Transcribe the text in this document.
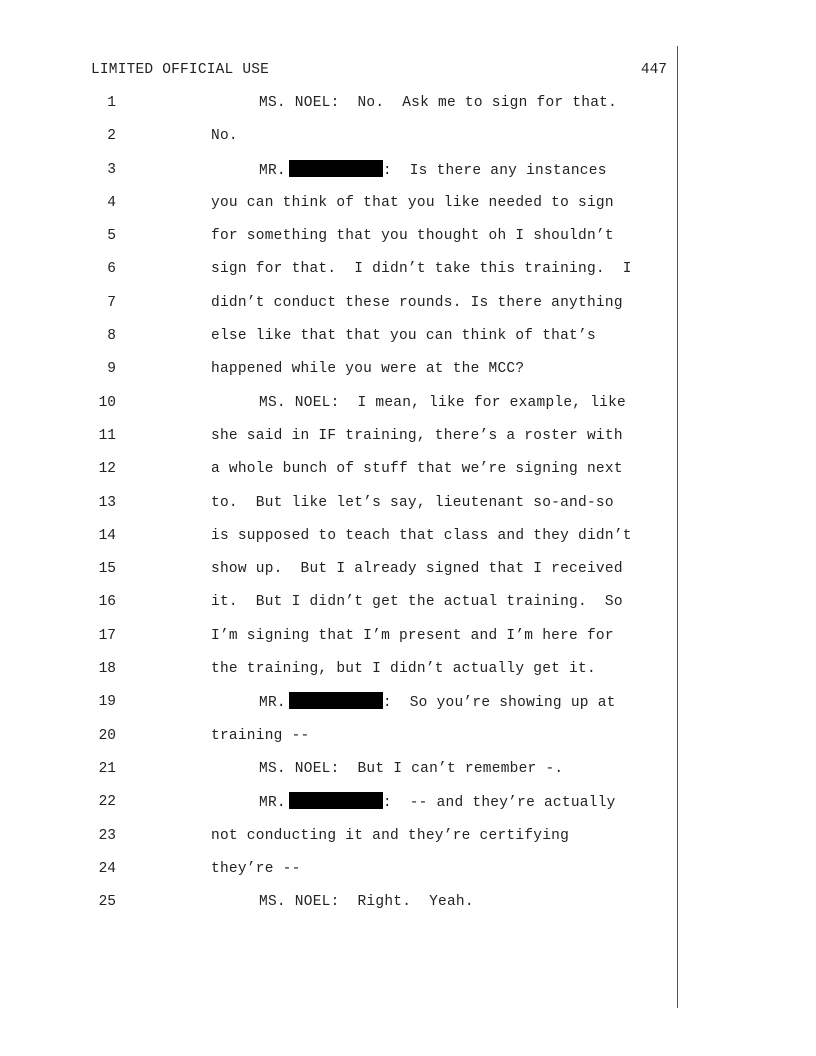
LIMITED OFFICIAL USE	447
1	MS. NOEL:  No.  Ask me to sign for that.
2	No.
3	MR.	:  Is there any instances
4	you can think of that you like needed to sign
5	for something that you thought oh I shouldn’t
6	sign for that.  I didn’t take this training.  I
7	didn’t conduct these rounds. Is there anything
8	else like that that you can think of that’s
9	happened while you were at the MCC?
10	MS. NOEL:  I mean, like for example, like
11	she said in IF training, there’s a roster with
12	a whole bunch of stuff that we’re signing next
13	to.  But like let’s say, lieutenant so-and-so
14	is supposed to teach that class and they didn’t
15	show up.  But I already signed that I received
16	it.  But I didn’t get the actual training.  So
17	I’m signing that I’m present and I’m here for
18	the training, but I didn’t actually get it.
19	MR.	:  So you’re showing up at
20	training --
21	MS. NOEL:  But I can’t remember -.
22	MR.	:  -- and they’re actually
23	not conducting it and they’re certifying
24	they’re --
25	MS. NOEL:  Right.  Yeah.
